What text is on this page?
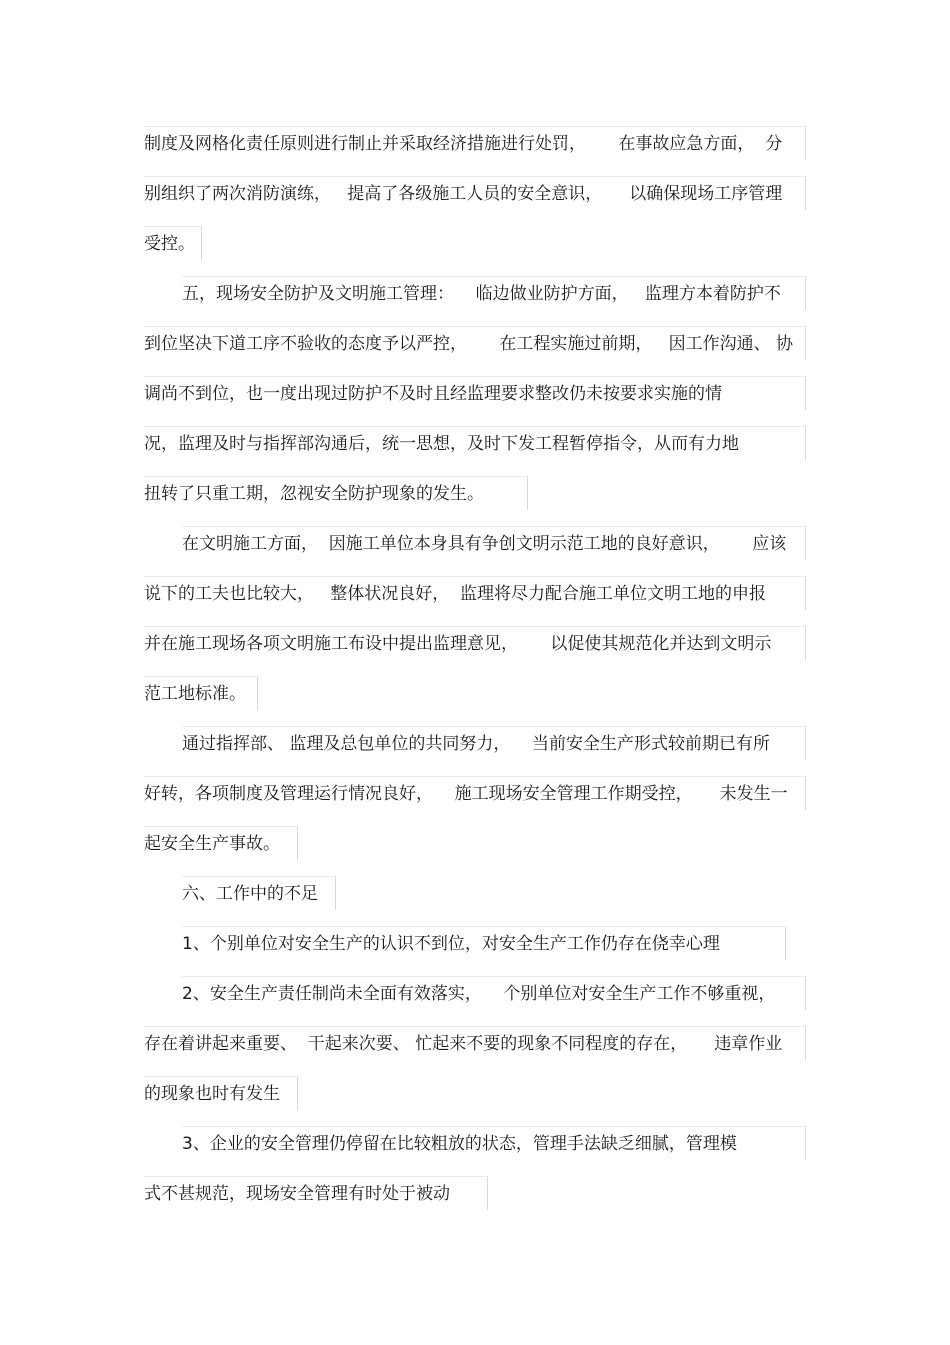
制度及网格化责任原则进行制止并采取经济措施进行处罚，      在事故应急方面，  分
别组织了两次消防演练，   提高了各级施工人员的安全意识，     以确保现场工序管理
受控。
五，现场安全防护及文明施工管理：    临边做业防护方面，   监理方本着防护不
到位坚决下道工序不验收的态度予以严控，      在工程实施过前期，   因工作沟通、 协
调尚不到位，也一度出现过防护不及时且经监理要求整改仍未按要求实施的情
况，监理及时与指挥部沟通后，统一思想，及时下发工程暂停指令，从而有力地
扭转了只重工期，忽视安全防护现象的发生。
在文明施工方面，  因施工单位本身具有争创文明示范工地的良好意识，      应该
说下的工夫也比较大，   整体状况良好，  监理将尽力配合施工单位文明工地的申报
并在施工现场各项文明施工布设中提出监理意见，      以促使其规范化并达到文明示
范工地标准。
通过指挥部、 监理及总包单位的共同努力，    当前安全生产形式较前期已有所
好转，各项制度及管理运行情况良好，    施工现场安全管理工作期受控，     未发生一
起安全生产事故。
六、工作中的不足
1、个别单位对安全生产的认识不到位，对安全生产工作仍存在侥幸心理
2、安全生产责任制尚未全面有效落实，    个别单位对安全生产工作不够重视，
存在着讲起来重要、  干起来次要、 忙起来不要的现象不同程度的存在，     违章作业
的现象也时有发生
3、企业的安全管理仍停留在比较粗放的状态，管理手法缺乏细腻，管理模
式不甚规范，现场安全管理有时处于被动
